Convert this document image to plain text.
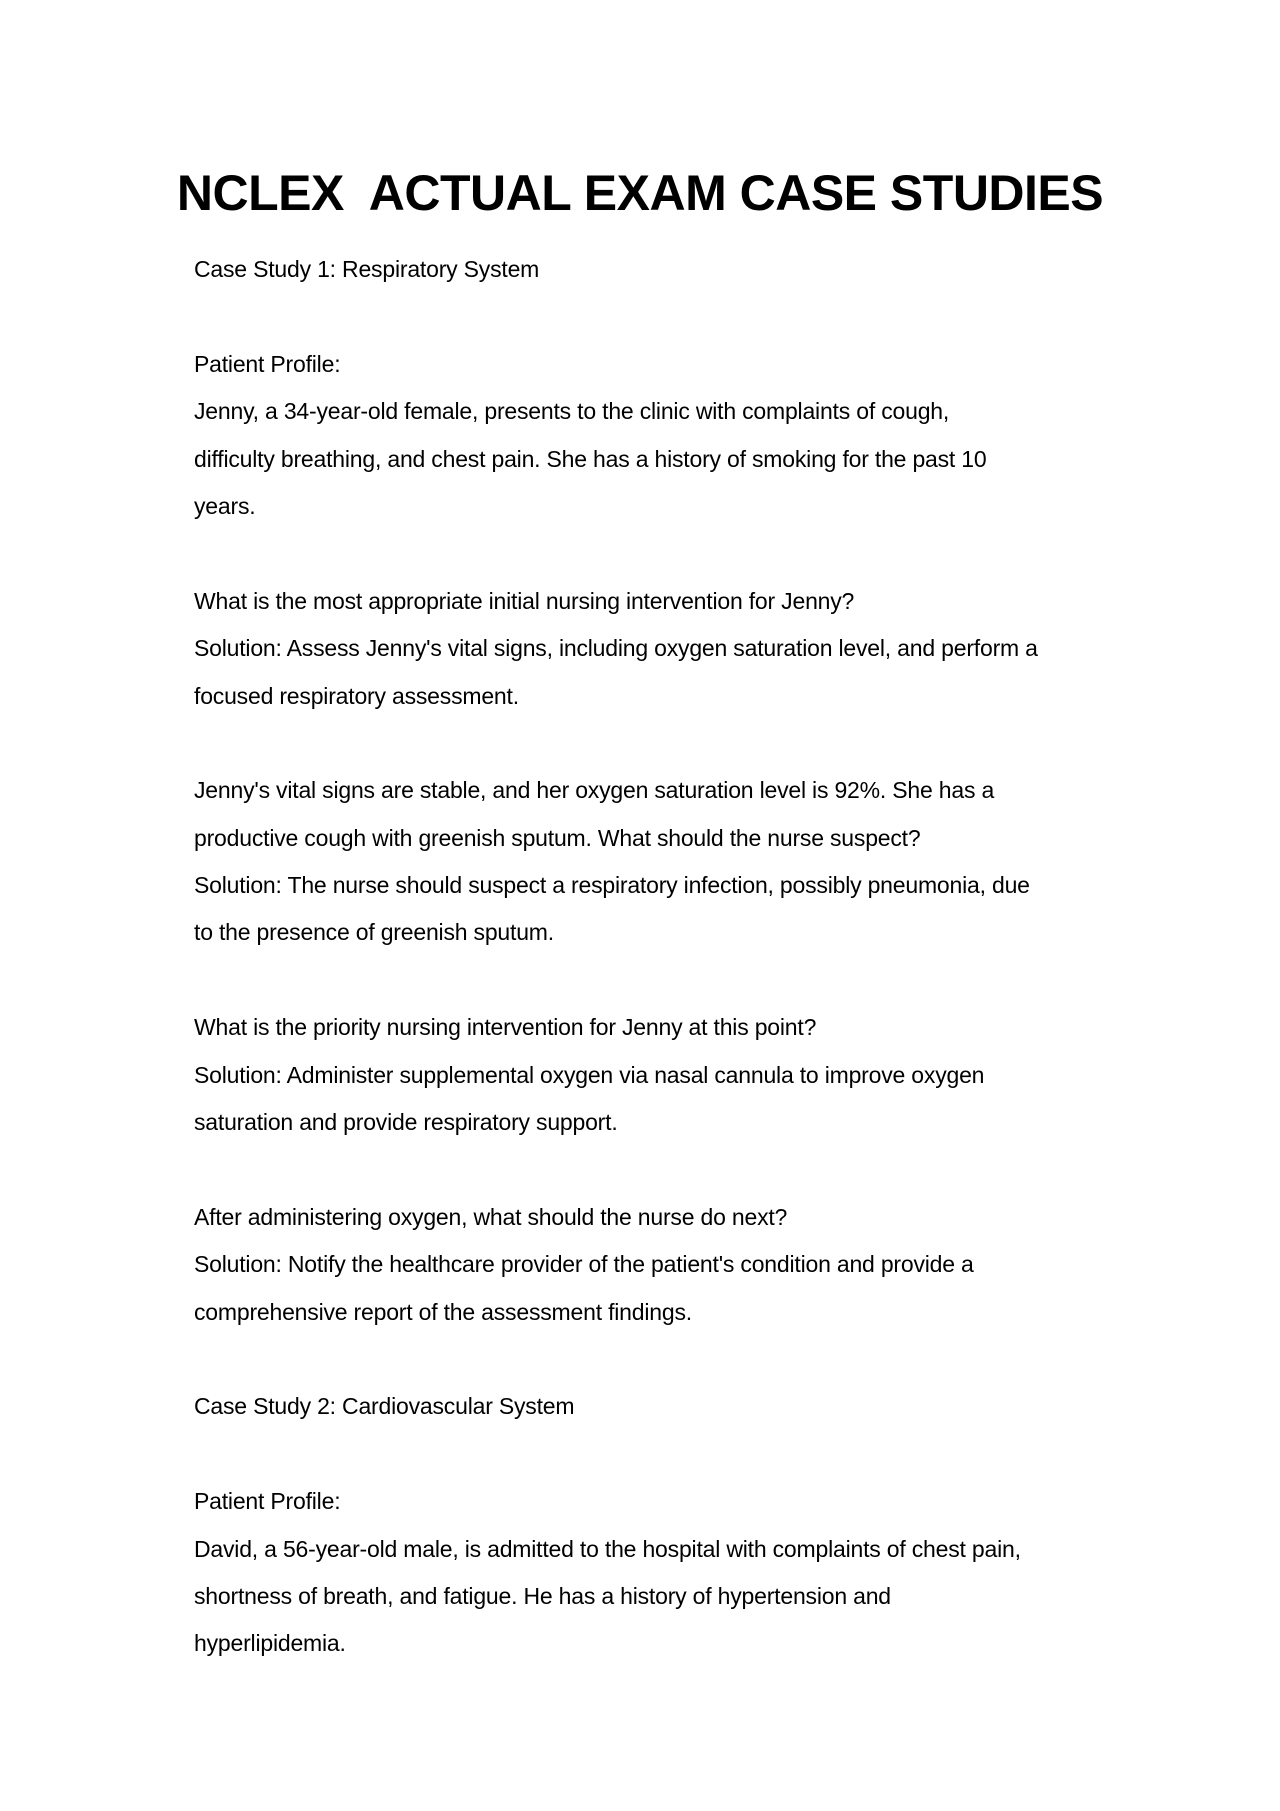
NCLEX  ACTUAL EXAM CASE STUDIES
Case Study 1: Respiratory System
Patient Profile:
Jenny, a 34-year-old female, presents to the clinic with complaints of cough,
difficulty breathing, and chest pain. She has a history of smoking for the past 10
years.
What is the most appropriate initial nursing intervention for Jenny?
Solution: Assess Jenny's vital signs, including oxygen saturation level, and perform a
focused respiratory assessment.
Jenny's vital signs are stable, and her oxygen saturation level is 92%. She has a
productive cough with greenish sputum. What should the nurse suspect?
Solution: The nurse should suspect a respiratory infection, possibly pneumonia, due
to the presence of greenish sputum.
What is the priority nursing intervention for Jenny at this point?
Solution: Administer supplemental oxygen via nasal cannula to improve oxygen
saturation and provide respiratory support.
After administering oxygen, what should the nurse do next?
Solution: Notify the healthcare provider of the patient's condition and provide a
comprehensive report of the assessment findings.
Case Study 2: Cardiovascular System
Patient Profile:
David, a 56-year-old male, is admitted to the hospital with complaints of chest pain,
shortness of breath, and fatigue. He has a history of hypertension and
hyperlipidemia.
